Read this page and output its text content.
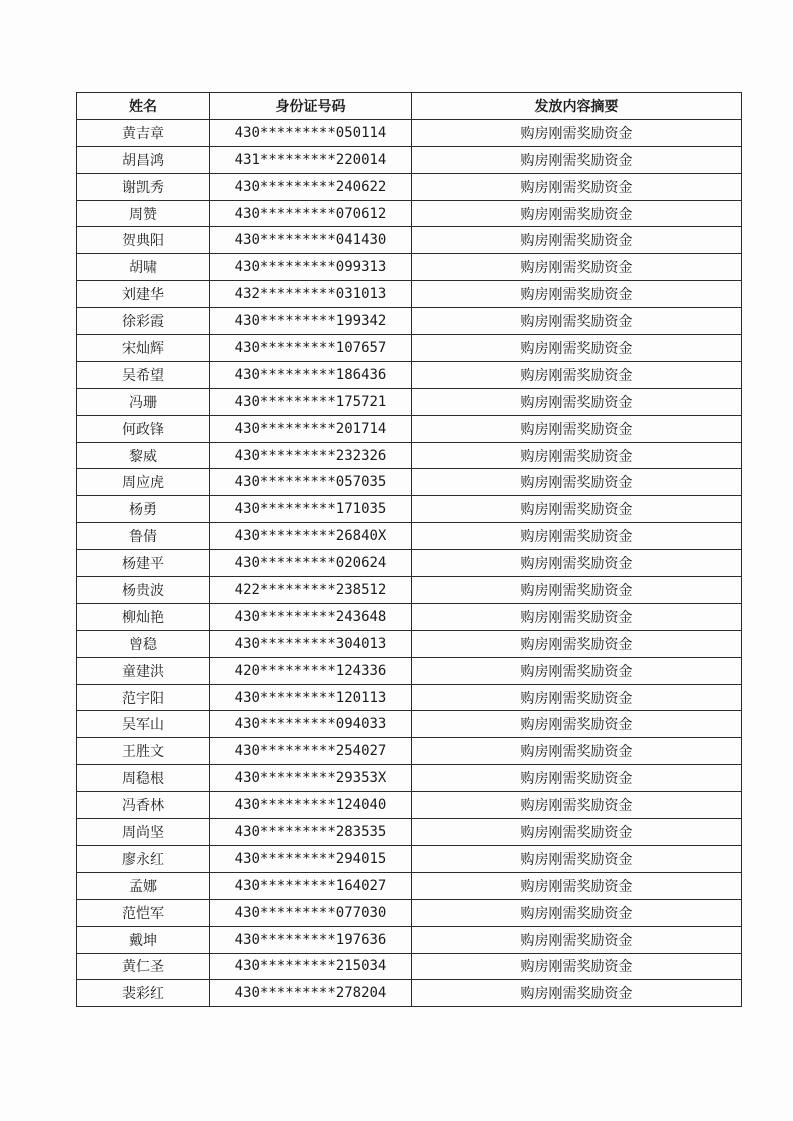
姓名	身份证号码	发放内容摘要
黄吉章	430*********050114	购房刚需奖励资金
胡昌鸿	431*********220014	购房刚需奖励资金
谢凯秀	430*********240622	购房刚需奖励资金
周赞	430*********070612	购房刚需奖励资金
贺典阳	430*********041430	购房刚需奖励资金
胡啸	430*********099313	购房刚需奖励资金
刘建华	432*********031013	购房刚需奖励资金
徐彩霞	430*********199342	购房刚需奖励资金
宋灿辉	430*********107657	购房刚需奖励资金
吴希望	430*********186436	购房刚需奖励资金
冯珊	430*********175721	购房刚需奖励资金
何政锋	430*********201714	购房刚需奖励资金
黎威	430*********232326	购房刚需奖励资金
周应虎	430*********057035	购房刚需奖励资金
杨勇	430*********171035	购房刚需奖励资金
鲁倩	430*********26840X	购房刚需奖励资金
杨建平	430*********020624	购房刚需奖励资金
杨贵波	422*********238512	购房刚需奖励资金
柳灿艳	430*********243648	购房刚需奖励资金
曾稳	430*********304013	购房刚需奖励资金
童建洪	420*********124336	购房刚需奖励资金
范宇阳	430*********120113	购房刚需奖励资金
吴军山	430*********094033	购房刚需奖励资金
王胜文	430*********254027	购房刚需奖励资金
周稳根	430*********29353X	购房刚需奖励资金
冯香林	430*********124040	购房刚需奖励资金
周尚坚	430*********283535	购房刚需奖励资金
廖永红	430*********294015	购房刚需奖励资金
孟娜	430*********164027	购房刚需奖励资金
范恺军	430*********077030	购房刚需奖励资金
戴坤	430*********197636	购房刚需奖励资金
黄仁圣	430*********215034	购房刚需奖励资金
裴彩红	430*********278204	购房刚需奖励资金
